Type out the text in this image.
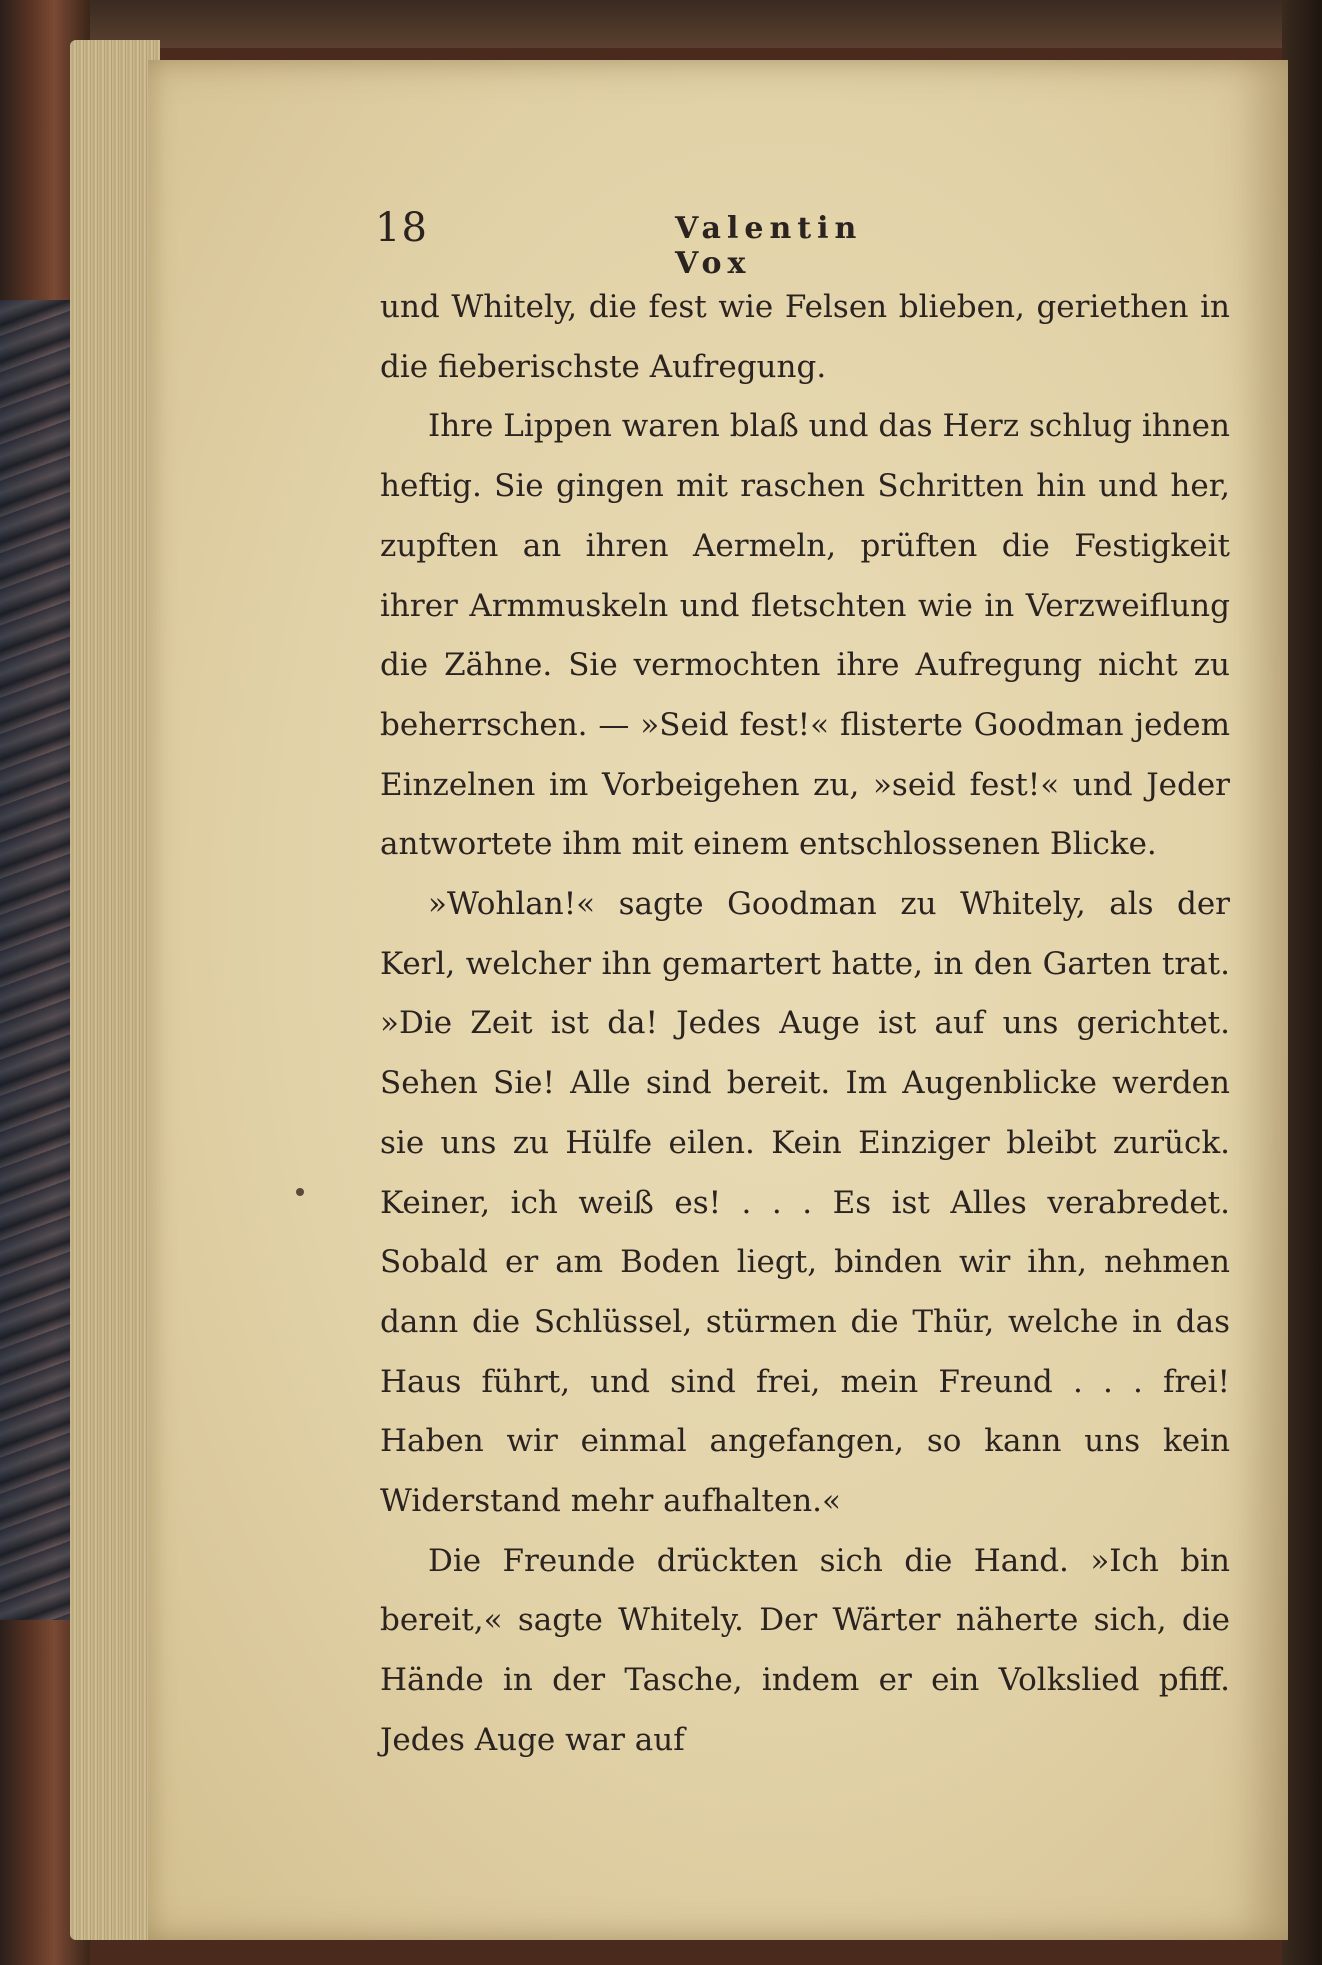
18	Valentin Vox

und Whitely, die fest wie Felsen blieben, geriethen in die fieberischste Aufregung.

Ihre Lippen waren blaß und das Herz schlug ihnen heftig. Sie gingen mit raschen Schritten hin und her, zupften an ihren Aermeln, prüften die Festigkeit ihrer Armmuskeln und fletschten wie in Verzweiflung die Zähne. Sie vermochten ihre Aufregung nicht zu beherrschen. — »Seid fest!« flisterte Goodman jedem Einzelnen im Vorbeigehen zu, »seid fest!« und Jeder antwortete ihm mit einem entschlossenen Blicke.

»Wohlan!« sagte Goodman zu Whitely, als der Kerl, welcher ihn gemartert hatte, in den Garten trat. »Die Zeit ist da! Jedes Auge ist auf uns gerichtet. Sehen Sie! Alle sind bereit. Im Augenblicke werden sie uns zu Hülfe eilen. Kein Einziger bleibt zurück. Keiner, ich weiß es! . . . Es ist Alles verabredet. Sobald er am Boden liegt, binden wir ihn, nehmen dann die Schlüssel, stürmen die Thür, welche in das Haus führt, und sind frei, mein Freund . . . frei! Haben wir einmal angefangen, so kann uns kein Widerstand mehr aufhalten.«

Die Freunde drückten sich die Hand. »Ich bin bereit,« sagte Whitely. Der Wärter näherte sich, die Hände in der Tasche, indem er ein Volkslied pfiff. Jedes Auge war auf
